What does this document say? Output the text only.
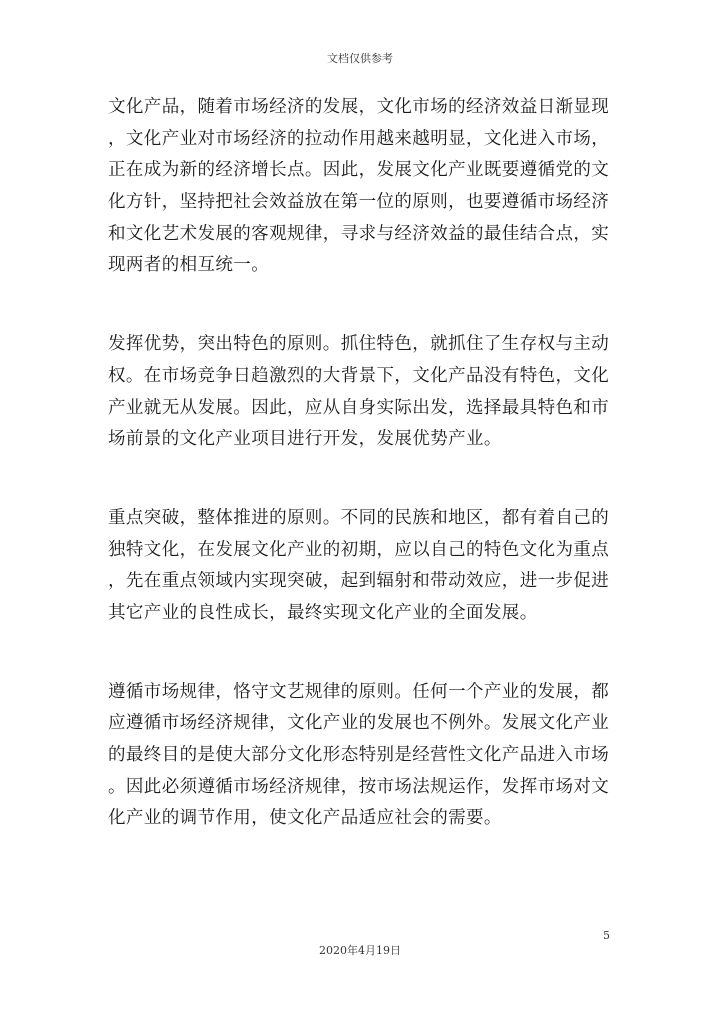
文档仅供参考
文化产品，随着市场经济的发展，文化市场的经济效益日渐显现
，文化产业对市场经济的拉动作用越来越明显，文化进入市场，
正在成为新的经济增长点。因此，发展文化产业既要遵循党的文
化方针，坚持把社会效益放在第一位的原则，也要遵循市场经济
和文化艺术发展的客观规律，寻求与经济效益的最佳结合点，实
现两者的相互统一。
发挥优势，突出特色的原则。抓住特色，就抓住了生存权与主动
权。在市场竞争日趋激烈的大背景下，文化产品没有特色，文化
产业就无从发展。因此，应从自身实际出发，选择最具特色和市
场前景的文化产业项目进行开发，发展优势产业。
重点突破，整体推进的原则。不同的民族和地区，都有着自己的
独特文化，在发展文化产业的初期，应以自己的特色文化为重点
，先在重点领域内实现突破，起到辐射和带动效应，进一步促进
其它产业的良性成长，最终实现文化产业的全面发展。
遵循市场规律，恪守文艺规律的原则。任何一个产业的发展，都
应遵循市场经济规律，文化产业的发展也不例外。发展文化产业
的最终目的是使大部分文化形态特别是经营性文化产品进入市场
。因此必须遵循市场经济规律，按市场法规运作，发挥市场对文
化产业的调节作用，使文化产品适应社会的需要。
5
2020年4月19日
